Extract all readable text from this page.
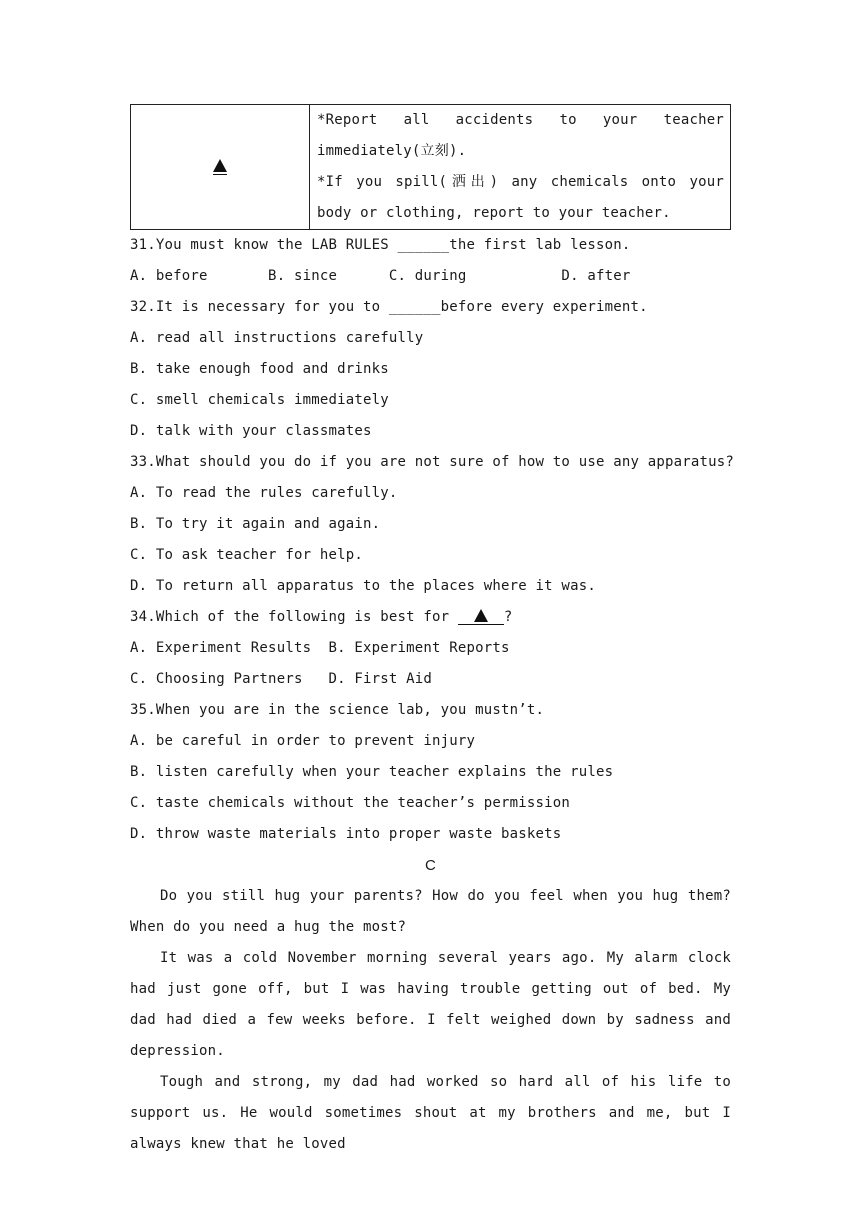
*Report all accidents to your teacher immediately(立刻).

*If you spill(洒出) any chemicals onto your body or clothing, report to your teacher.

31.You must know the LAB RULES ______the first lab lesson.
A. before       B. since      C. during           D. after
32.It is necessary for you to ______before every experiment.
A. read all instructions carefully
B. take enough food and drinks
C. smell chemicals immediately
D. talk with your classmates
33.What should you do if you are not sure of how to use any apparatus?
A. To read the rules carefully.
B. To try it again and again.
C. To ask teacher for help.
D. To return all apparatus to the places where it was.
34.Which of the following is best for	?
A. Experiment Results  B. Experiment Reports
C. Choosing Partners   D. First Aid
35.When you are in the science lab, you mustn’t.
A. be careful in order to prevent injury
B. listen carefully when your teacher explains the rules
C. taste chemicals without the teacher’s permission
D. throw waste materials into proper waste baskets
C

Do you still hug your parents? How do you feel when you hug them? When do you need a hug the most?

It was a cold November morning several years ago. My alarm clock had just gone off, but I was having trouble getting out of bed. My dad had died a few weeks before. I felt weighed down by sadness and depression.

Tough and strong, my dad had worked so hard all of his life to support us. He would sometimes shout at my brothers and me, but I always knew that he loved
